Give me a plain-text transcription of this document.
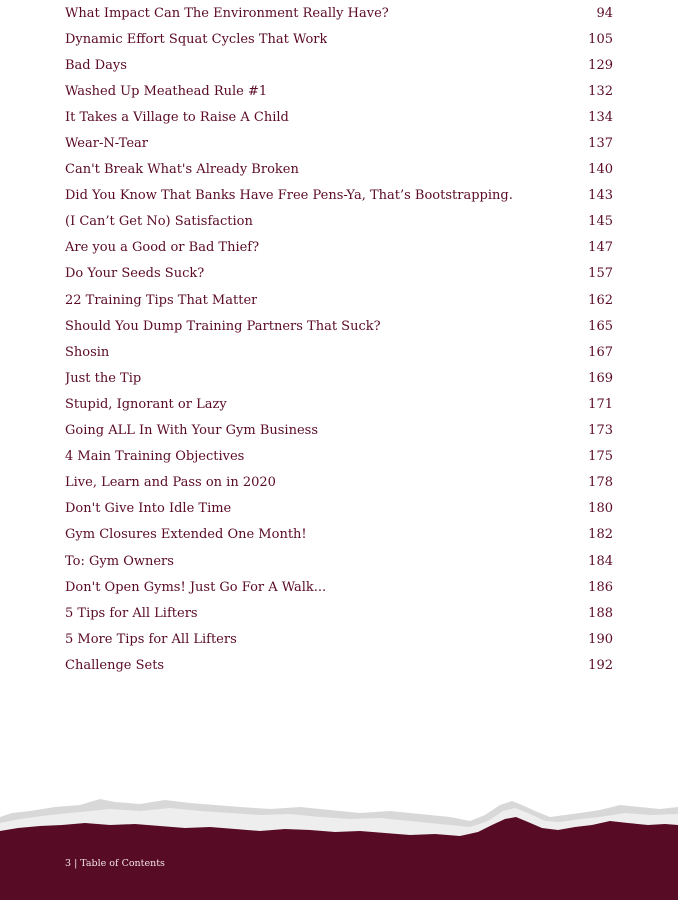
What Impact Can The Environment Really Have?	94
Dynamic Effort Squat Cycles That Work	105
Bad Days	129
Washed Up Meathead Rule #1	132
It Takes a Village to Raise A Child	134
Wear-N-Tear	137
Can't Break What's Already Broken	140
Did You Know That Banks Have Free Pens-Ya, That’s Bootstrapping.	143
(I Can’t Get No) Satisfaction	145
Are you a Good or Bad Thief?	147
Do Your Seeds Suck?	157
22 Training Tips That Matter	162
Should You Dump Training Partners That Suck?	165
Shosin	167
Just the Tip	169
Stupid, Ignorant or Lazy	171
Going ALL In With Your Gym Business	173
4 Main Training Objectives	175
Live, Learn and Pass on in 2020	178
Don't Give Into Idle Time	180
Gym Closures Extended One Month!	182
To: Gym Owners	184
Don't Open Gyms! Just Go For A Walk...	186
5 Tips for All Lifters	188
5 More Tips for All Lifters	190
Challenge Sets	192
3 | Table of Contents
